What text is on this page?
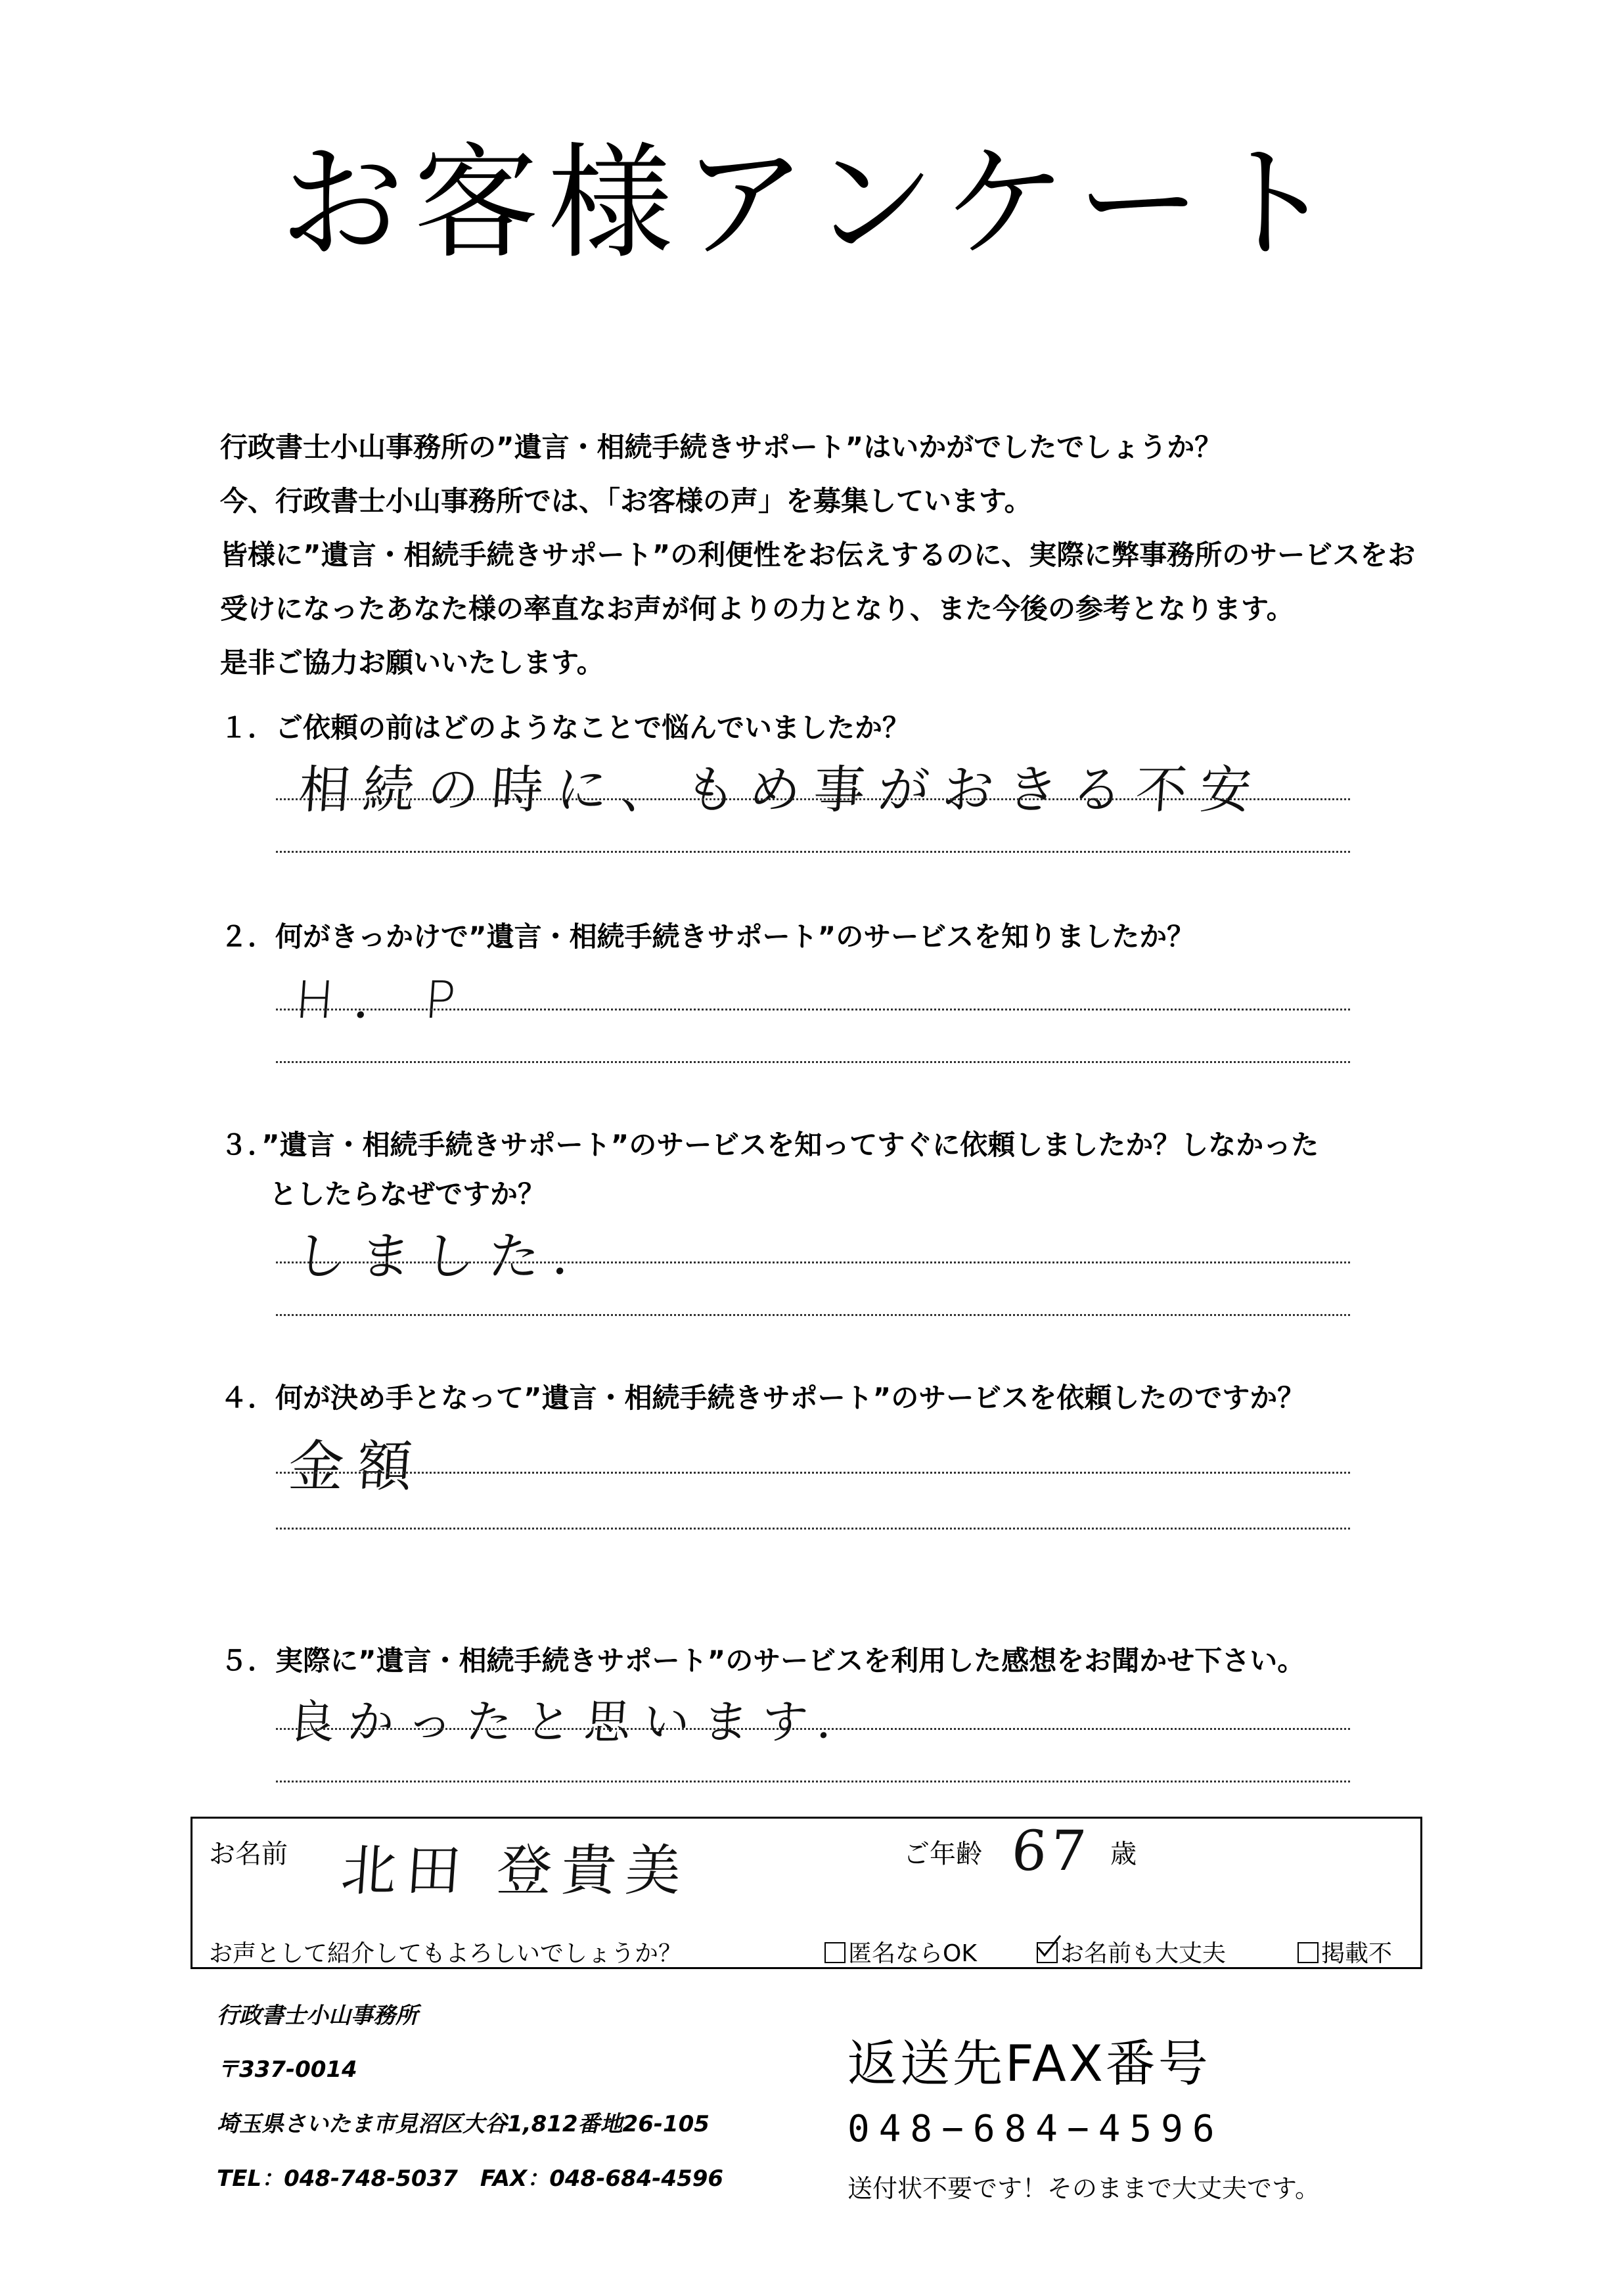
お客様アンケート
行政書士小山事務所の”遺言・相続手続きサポート”はいかがでしたでしょうか？
今、行政書士小山事務所では、「お客様の声」を募集しています。
皆様に”遺言・相続手続きサポート”の利便性をお伝えするのに、実際に弊事務所のサービスをお
受けになったあなた様の率直なお声が何よりの力となり、また今後の参考となります。
是非ご協力お願いいたします。
１．ご依頼の前はどのようなことで悩んでいましたか？
相続の時に、もめ事がおきる不安
２．何がきっかけで”遺言・相続手続きサポート”のサービスを知りましたか？
H．P
３．”遺言・相続手続きサポート”のサービスを知ってすぐに依頼しましたか？しなかった
としたらなぜですか？
しました．
４．何が決め手となって”遺言・相続手続きサポート”のサービスを依頼したのですか？
金額
５．実際に”遺言・相続手続きサポート”のサービスを利用した感想をお聞かせ下さい。
良かったと思います．
お名前 北田 登貴美	ご年齢 67 歳
お声として紹介してもよろしいでしょうか？	匿名ならOK	お名前も大丈夫	掲載不
行政書士小山事務所
〒337-0014
埼玉県さいたま市見沼区大谷1,812番地26-105
TEL：048-748-5037　FAX：048-684-4596
返送先FAX番号
048−684−4596
送付状不要です！そのままで大丈夫です。
